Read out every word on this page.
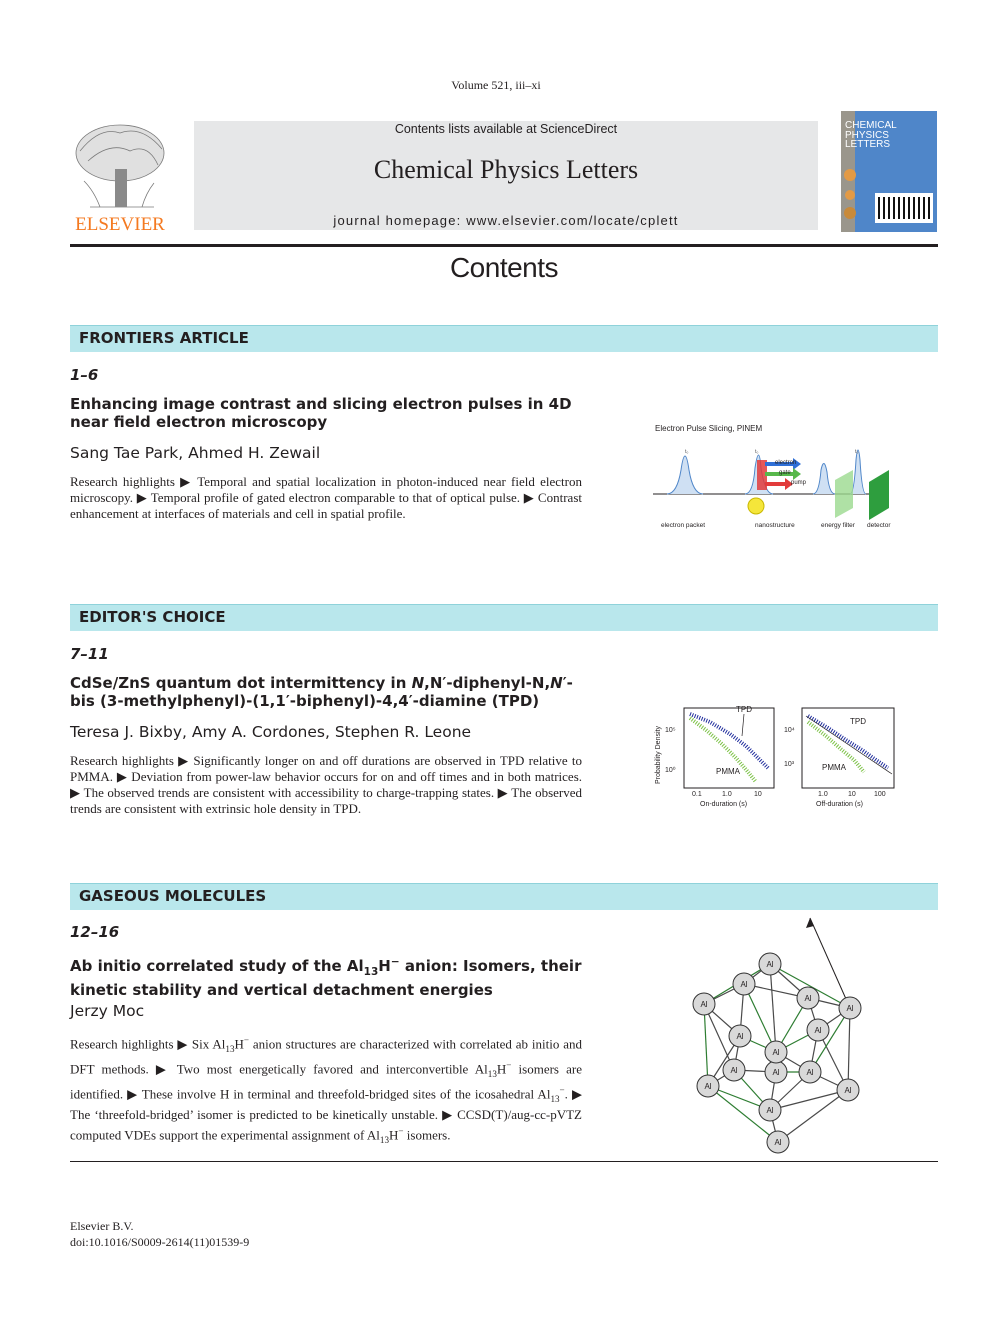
Volume 521, iii–xi
ELSEVIER
Contents lists available at ScienceDirect
Chemical Physics Letters
journal homepage: www.elsevier.com/locate/cplett
CHEMICAL
PHYSICS
LETTERS
Contents
FRONTIERS ARTICLE
1–6
Enhancing image contrast and slicing electron pulses in 4D near field electron microscopy
Sang Tae Park, Ahmed H. Zewail
Research highlights ▶ Temporal and spatial localization in photon-induced near field electron microscopy. ▶ Temporal profile of gated electron comparable to that of optical pulse. ▶ Contrast enhancement at interfaces of materials and cell in spatial profile.
Electron Pulse Slicing, PINEM
electron
gate
pump
t₀	t₀	t₀
electron packet	nanostructure	energy filter detector
EDITOR'S CHOICE
7–11
CdSe/ZnS quantum dot intermittency in N,N′-diphenyl-N,N′-bis (3-methylphenyl)-(1,1′-biphenyl)-4,4′-diamine (TPD)
Teresa J. Bixby, Amy A. Cordones, Stephen R. Leone
Research highlights ▶ Significantly longer on and off durations are observed in TPD relative to PMMA. ▶ Deviation from power-law behavior occurs for on and off times and in both matrices. ▶ The observed trends are consistent with accessibility to charge-trapping states. ▶ The observed trends are consistent with extrinsic hole density in TPD.
Probability Density
TPD
PMMA
TPD
PMMA
10⁵
10⁰
10⁴
10³
0.1	1.0	10	1.0	10	100
On-duration (s)	Off-duration (s)
GASEOUS MOLECULES
12–16
Ab initio correlated study of the $Al_{13}H^-$ anion: Isomers, their kinetic stability and vertical detachment energies
Jerzy Moc
Research highlights ▶ Six $Al_{13}H^-$ anion structures are characterized with correlated ab initio and DFT methods. ▶ Two most energetically favored and interconvertible $Al_{13}H^-$ isomers are identified. ▶ These involve H in terminal and threefold-bridged sites of the icosahedral $Al_{13}^-$. ▶ The ‘threefold-bridged’ isomer is predicted to be kinetically unstable. ▶ CCSD(T)/aug-cc-pVTZ computed VDEs support the experimental assignment of $Al_{13}H^-$ isomers.
Al
Al
Al
Al
Al
Al
Al
Al
Al
Al
Al
Al
Al	Al
Al
Elsevier B.V.
doi:10.1016/S0009-2614(11)01539-9
